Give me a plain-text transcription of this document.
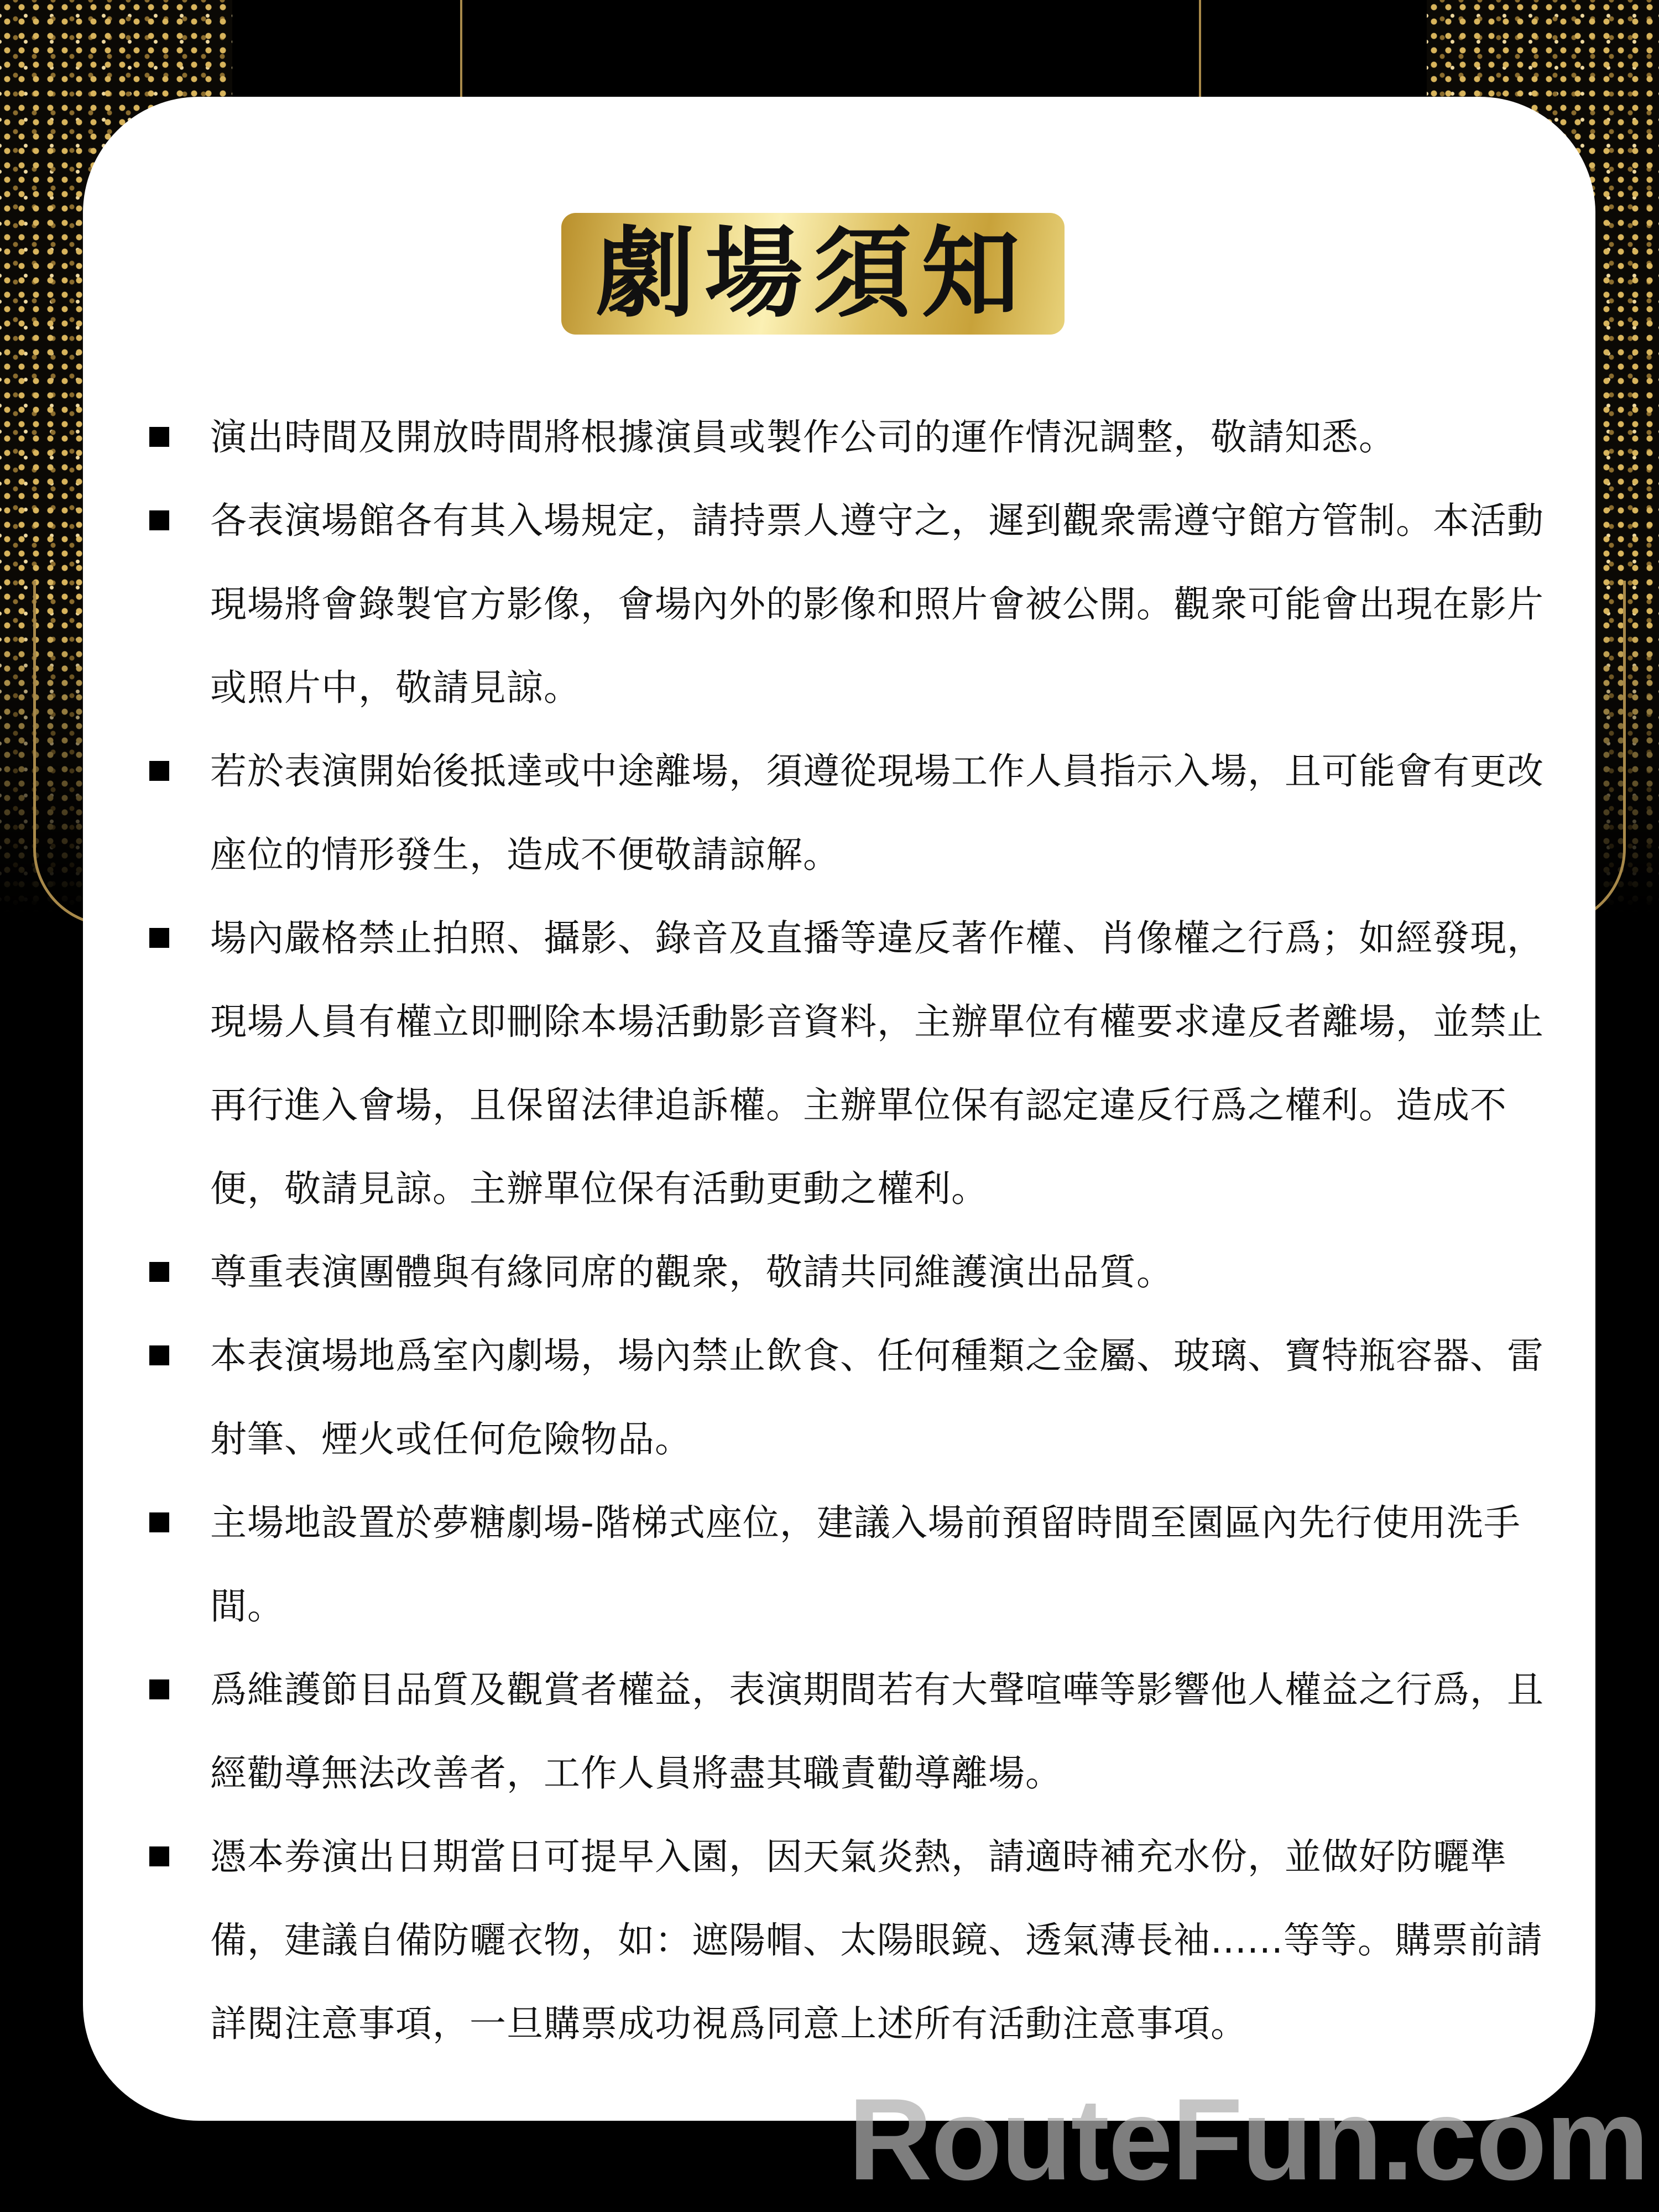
劇場須知
演出時間及開放時間將根據演員或製作公司的運作情況調整，敬請知悉。
各表演場館各有其入場規定，請持票人遵守之，遲到觀衆需遵守館方管制。本活動現場將會錄製官方影像，會場內外的影像和照片會被公開。觀衆可能會出現在影片或照片中，敬請見諒。
若於表演開始後抵達或中途離場，須遵從現場工作人員指示入場，且可能會有更改座位的情形發生，造成不便敬請諒解。
場內嚴格禁止拍照、攝影、錄音及直播等違反著作權、肖像權之行爲；如經發現，現場人員有權立即刪除本場活動影音資料，主辦單位有權要求違反者離場，並禁止再行進入會場，且保留法律追訴權。主辦單位保有認定違反行爲之權利。造成不便，敬請見諒。主辦單位保有活動更動之權利。
尊重表演團體與有緣同席的觀衆，敬請共同維護演出品質。
本表演場地爲室內劇場，場內禁止飲食、任何種類之金屬、玻璃、寶特瓶容器、雷射筆、煙火或任何危險物品。
主場地設置於夢糖劇場-階梯式座位，建議入場前預留時間至園區內先行使用洗手間。
爲維護節目品質及觀賞者權益，表演期間若有大聲喧嘩等影響他人權益之行爲，且經勸導無法改善者，工作人員將盡其職責勸導離場。
憑本劵演出日期當日可提早入園，因天氣炎熱，請適時補充水份，並做好防曬準備，建議自備防曬衣物，如：遮陽帽、太陽眼鏡、透氣薄長袖......等等。購票前請詳閱注意事項，一旦購票成功視爲同意上述所有活動注意事項。
RouteFun.com
